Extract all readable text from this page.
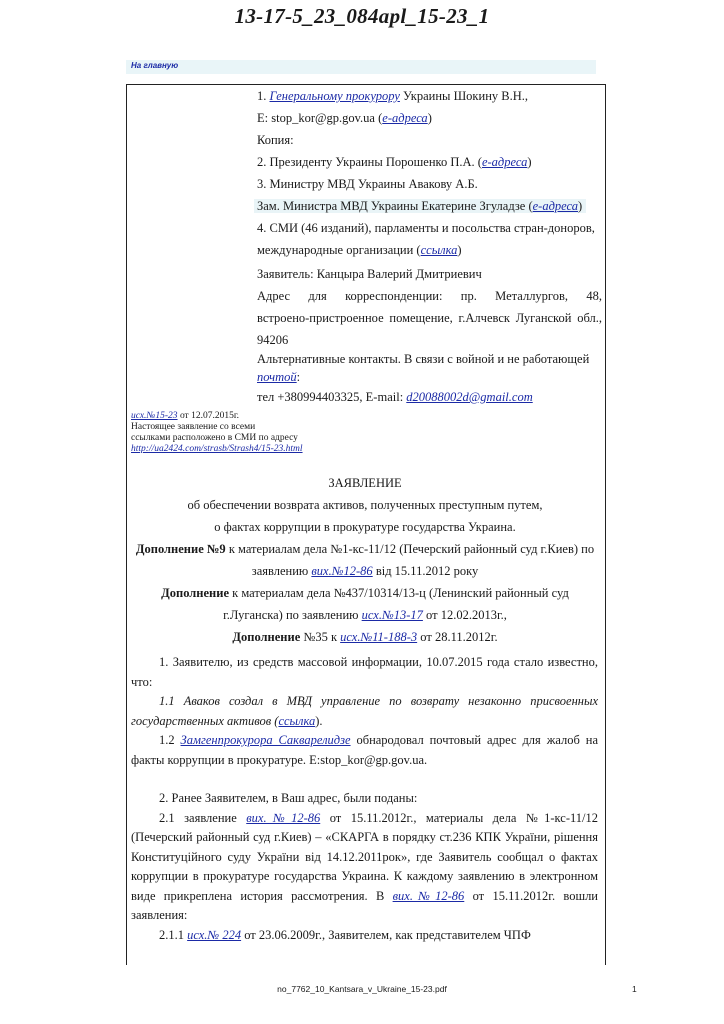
13-17-5_23_084apl_15-23_1
На главную
1. Генеральному прокурору Украины Шокину В.Н.,
E: stop_kor@gp.gov.ua (е-адреса)
Копия:
2. Президенту Украины Порошенко П.А. (е-адреса)
3. Министру МВД Украины Авакову А.Б.
Зам. Министра МВД Украины Екатерине Згуладзе (е-адреса)
4. СМИ (46 изданий), парламенты и посольства стран-доноров,
международные организации (ссылка)
Заявитель: Канцыра Валерий Дмитриевич
Адрес для корреспонденции: пр. Металлургов, 48,
встроено-пристроенное помещение, г.Алчевск Луганской обл.,
94206
Альтернативные контакты. В связи с войной и не работающей
почтой:
тел +380994403325, E-mail: d20088002d@gmail.com
исх.№15-23 от 12.07.2015г.
Настоящее заявление со всеми
ссылками расположено в СМИ по адресу
http://ua2424.com/strasb/Strash4/15-23.html
ЗАЯВЛЕНИЕ
об обеспечении возврата активов, полученных преступным путем,
о фактах коррупции в прокуратуре государства Украина.
Дополнение №9 к материалам дела №1-кс-11/12 (Печерский районный суд г.Киев) по
заявлению вих.№12-86 від 15.11.2012 року
Дополнение к материалам дела №437/10314/13-ц (Ленинский районный суд
г.Луганска) по заявлению исх.№13-17 от 12.02.2013г.,
Дополнение №35 к исх.№11-188-3 от 28.11.2012г.
1. Заявителю, из средств массовой информации, 10.07.2015 года стало известно, что:
1.1 Аваков создал в МВД управление по возврату незаконно присвоенных государственных активов (ссылка).
1.2 Замгенпрокурора Сакварелидзе обнародовал почтовый адрес для жалоб на факты коррупции в прокуратуре. E:stop_kor@gp.gov.ua.
2. Ранее Заявителем, в Ваш адрес, были поданы:
2.1 заявление вих.№12-86 от 15.11.2012г., материалы дела №1-кс-11/12 (Печерский районный суд г.Киев) – «СКАРГА в порядку ст.236 КПК України, рішення Конституційного суду України від 14.12.2011рок», где Заявитель сообщал о фактах коррупции в прокуратуре государства Украина. К каждому заявлению в электронном виде прикреплена история рассмотрения. В вих.№12-86 от 15.11.2012г. вошли заявления:
2.1.1 исх.№ 224 от 23.06.2009г., Заявителем, как представителем ЧПФ
no_7762_10_Kantsara_v_Ukraine_15-23.pdf	1
